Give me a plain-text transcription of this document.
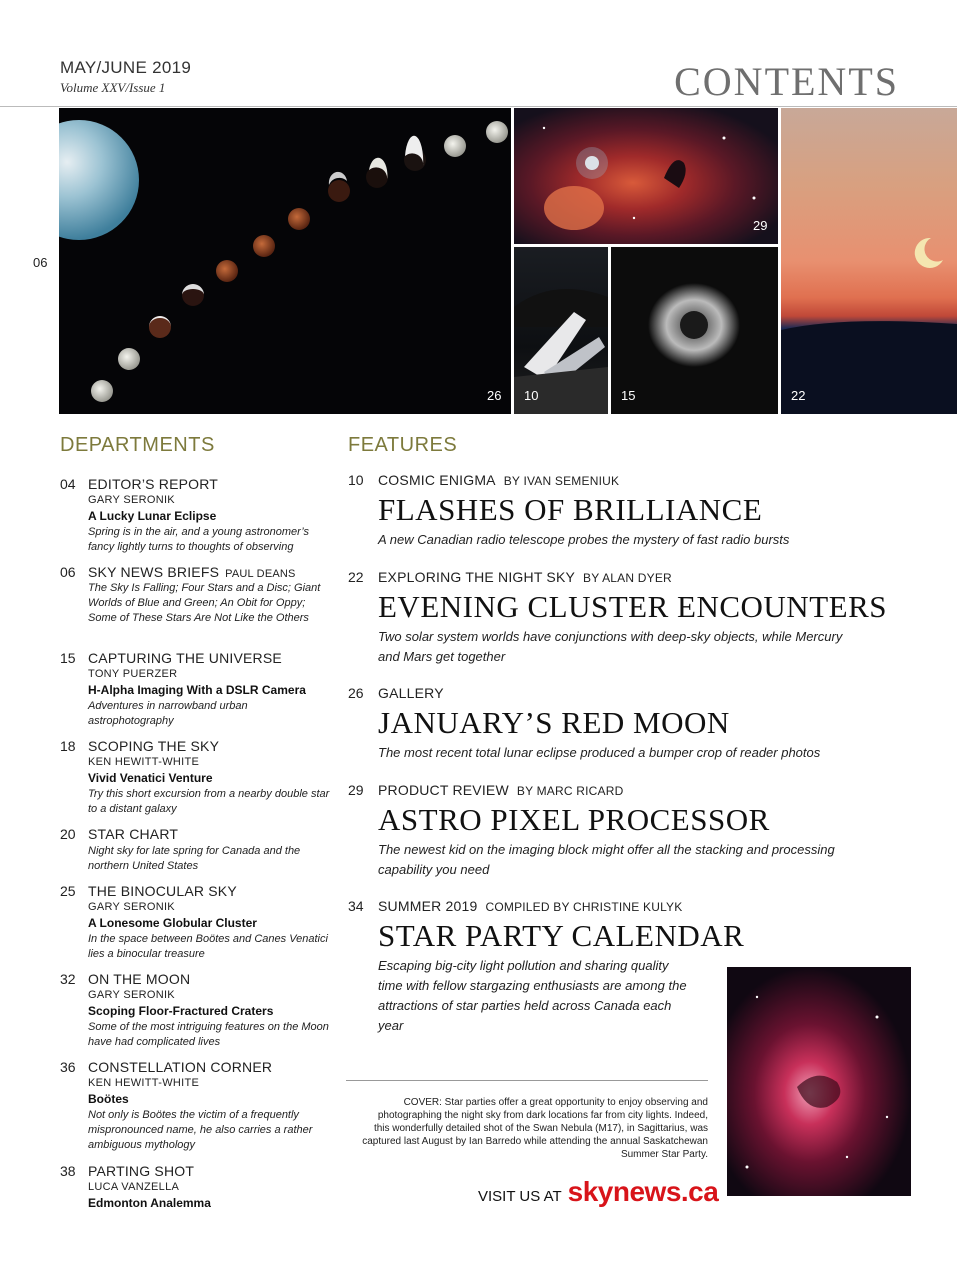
MAY/JUNE 2019
Volume XXV/Issue 1	CONTENTS
06
26
29
22
10	15
DEPARTMENTS
04 EDITOR’S REPORT
GARY SERONIK
A Lucky Lunar Eclipse
Spring is in the air, and a young astronomer’s fancy lightly turns to thoughts of observing
06 SKY NEWS BRIEFS PAUL DEANS
The Sky Is Falling; Four Stars and a Disc; Giant Worlds of Blue and Green; An Obit for Oppy; Some of These Stars Are Not Like the Others
15 CAPTURING THE UNIVERSE
TONY PUERZER
H-Alpha Imaging With a DSLR Camera
Adventures in narrowband urban astrophotography
18 SCOPING THE SKY
KEN HEWITT-WHITE
Vivid Venatici Venture
Try this short excursion from a nearby double star to a distant galaxy
20 STAR CHART
Night sky for late spring for Canada and the northern United States
25 THE BINOCULAR SKY
GARY SERONIK
A Lonesome Globular Cluster
In the space between Boötes and Canes Venatici lies a binocular treasure
32 ON THE MOON
GARY SERONIK
Scoping Floor-Fractured Craters
Some of the most intriguing features on the Moon have had complicated lives
36 CONSTELLATION CORNER
KEN HEWITT-WHITE
Boötes
Not only is Boötes the victim of a frequently mispronounced name, he also carries a rather ambiguous mythology
38 PARTING SHOT
LUCA VANZELLA
Edmonton Analemma
FEATURES
10 COSMIC ENIGMA BY IVAN SEMENIUK
FLASHES OF BRILLIANCE
A new Canadian radio telescope probes the mystery of fast radio bursts
22 EXPLORING THE NIGHT SKY BY ALAN DYER
EVENING CLUSTER ENCOUNTERS
Two solar system worlds have conjunctions with deep-sky objects, while Mercury and Mars get together
26 GALLERY
JANUARY’S RED MOON
The most recent total lunar eclipse produced a bumper crop of reader photos
29 PRODUCT REVIEW BY MARC RICARD
ASTRO PIXEL PROCESSOR
The newest kid on the imaging block might offer all the stacking and processing capability you need
34 SUMMER 2019 COMPILED BY CHRISTINE KULYK
STAR PARTY CALENDAR
Escaping big-city light pollution and sharing quality time with fellow stargazing enthusiasts are among the attractions of star parties held across Canada each year
COVER: Star parties offer a great opportunity to enjoy observing and photographing the night sky from dark locations far from city lights. Indeed, this wonderfully detailed shot of the Swan Nebula (M17), in Sagittarius, was captured last August by Ian Barredo while attending the annual Saskatchewan Summer Star Party.
VISIT US AT skynews.ca
